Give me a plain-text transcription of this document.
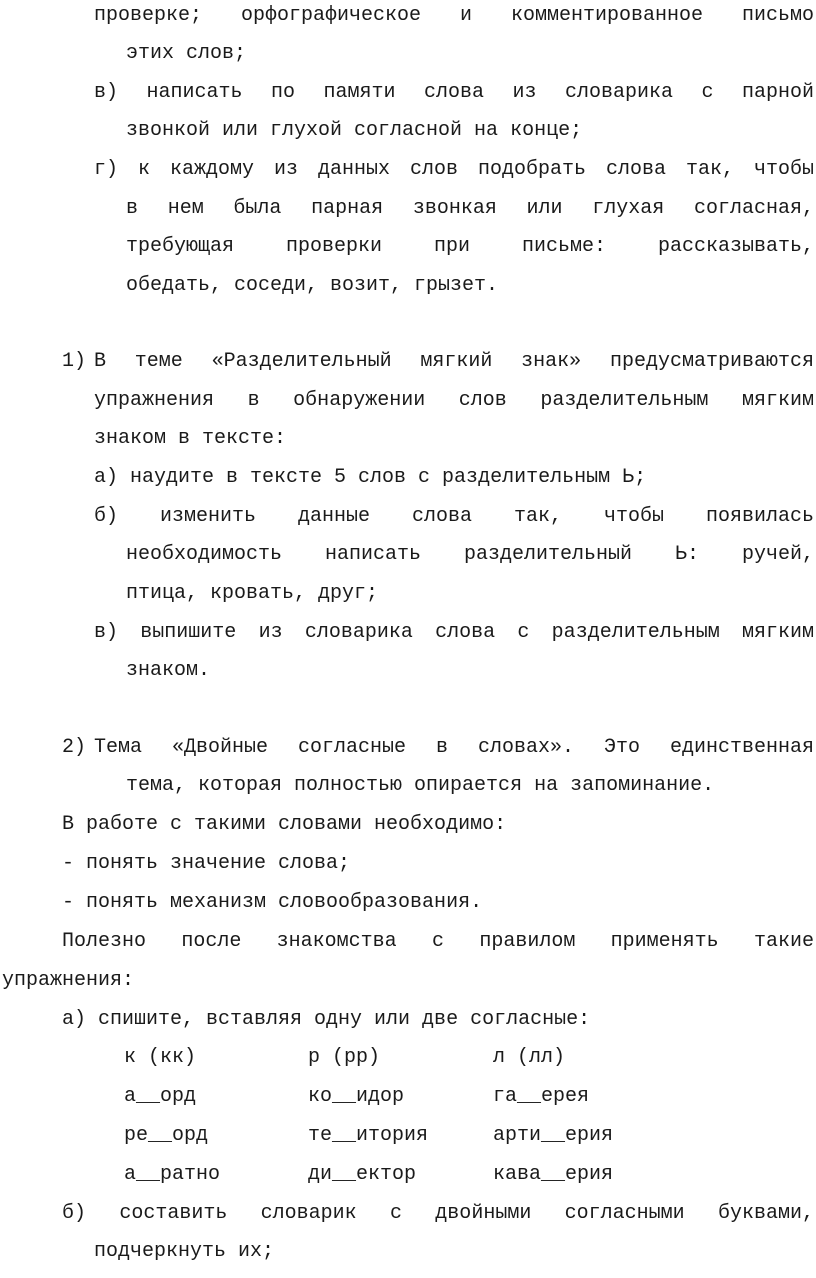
проверке; орфографическое и комментированное письмо
этих слов;
в) написать по памяти слова из словарика с парной
звонкой или глухой согласной на конце;
г) к каждому из данных слов подобрать слова так, чтобы
в нем была парная звонкая или глухая согласная,
требующая проверки при письме: рассказывать,
обедать, соседи, возит, грызет.
1) В теме «Разделительный мягкий знак» предусматриваются
упражнения в обнаружении слов разделительным мягким
знаком в тексте:
а) наудите в тексте 5 слов с разделительным Ь;
б) изменить данные слова так, чтобы появилась
необходимость написать разделительный Ь: ручей,
птица, кровать, друг;
в) выпишите из словарика слова с разделительным мягким
знаком.
2) Тема «Двойные согласные в словах». Это единственная
тема, которая полностью опирается на запоминание.
В работе с такими словами необходимо:
- понять значение слова;
- понять механизм словообразования.
Полезно после знакомства с правилом применять такие
упражнения:
а) спишите, вставляя одну или две согласные:
к (кк)	р (рр)	л (лл)
а__орд	ко__идор	га__ерея
ре__орд	те__итория	арти__ерия
а__ратно	ди__ектор	кава__ерия
б) составить словарик с двойными согласными буквами,
подчеркнуть их;
